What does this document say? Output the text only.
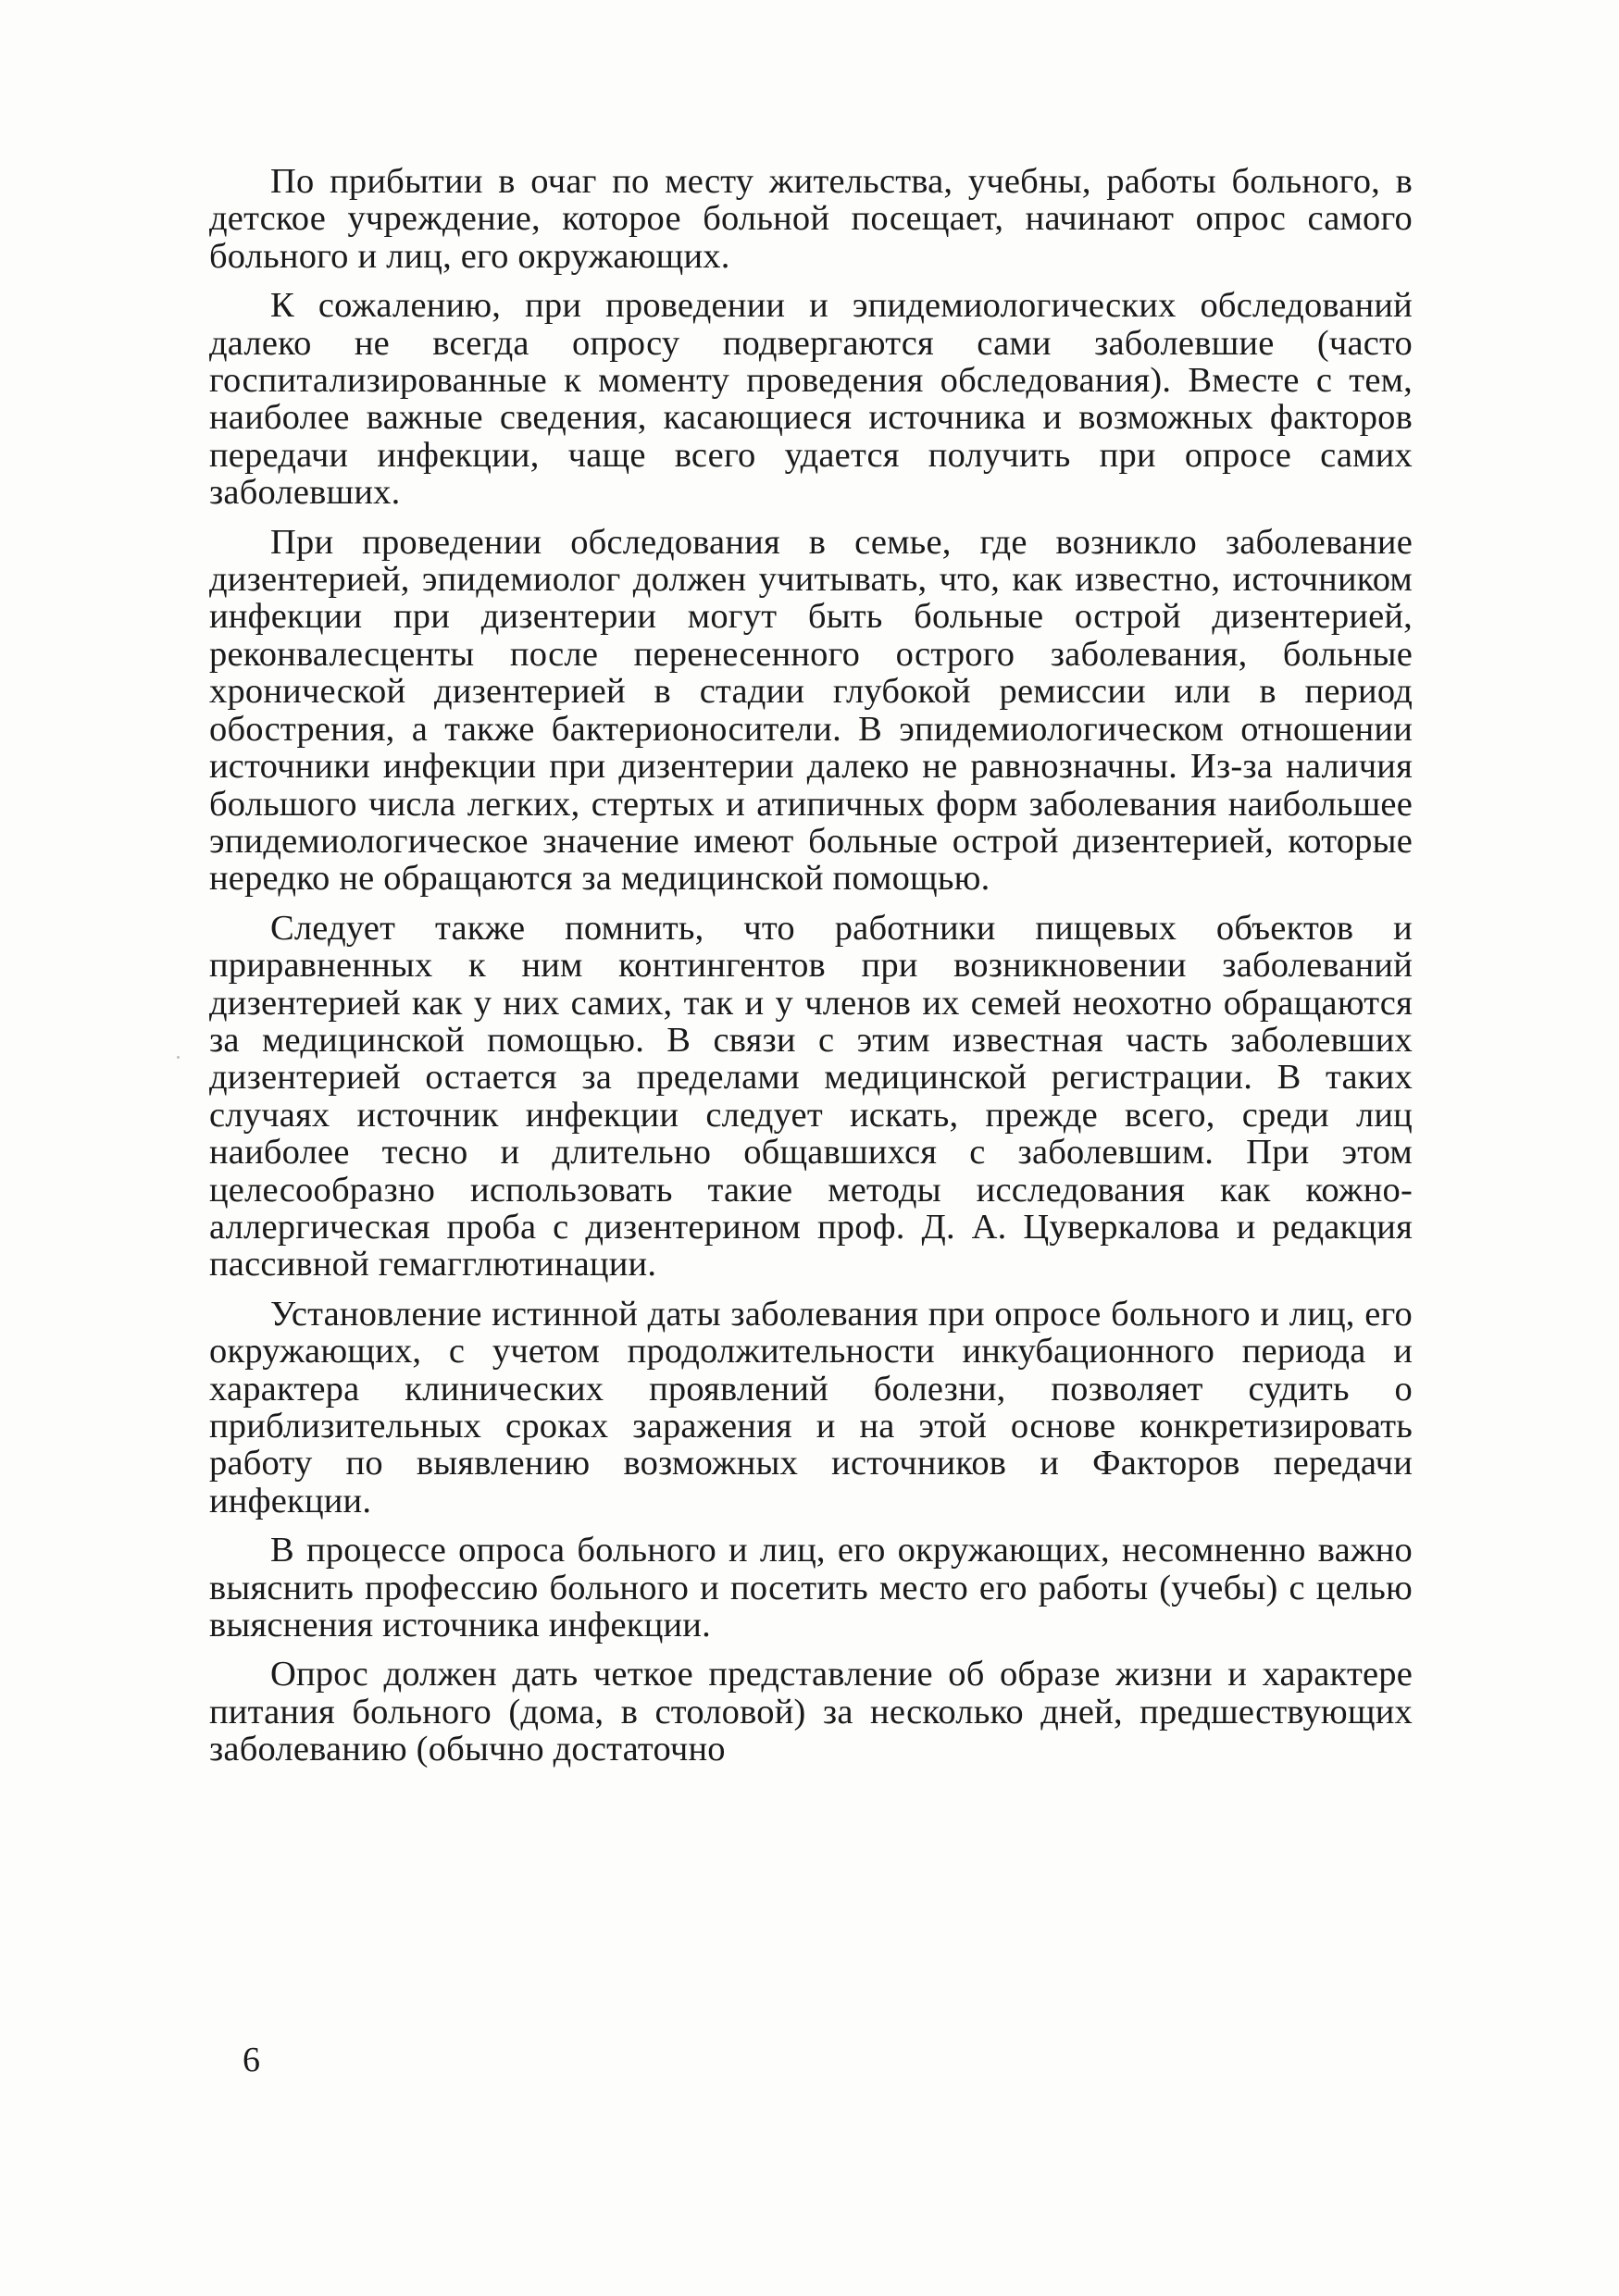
По прибытии в очаг по месту жительства, учебны, работы больного, в детское учреждение, которое больной посещает, начинают опрос самого больного и лиц, его окружающих.

К сожалению, при проведении и эпидемиологических обследований далеко не всегда опросу подвергаются сами заболевшие (часто госпитализированные к моменту проведения обследования). Вместе с тем, наиболее важные сведения, касающиеся источника и возможных факторов передачи инфекции, чаще всего удается получить при опросе самих заболевших.

При проведении обследования в семье, где возникло заболевание дизентерией, эпидемиолог должен учитывать, что, как известно, источником инфекции при дизентерии могут быть больные острой дизентерией, реконвалесценты после перенесенного острого заболевания, больные хронической дизентерией в стадии глубокой ремиссии или в период обострения, а также бактерионосители. В эпидемиологическом отношении источники инфекции при дизентерии далеко не равнозначны. Из-за наличия большого числа легких, стертых и атипичных форм заболевания наибольшее эпидемиологическое значение имеют больные острой дизентерией, которые нередко не обращаются за медицинской помощью.

Следует также помнить, что работники пищевых объектов и приравненных к ним контингентов при возникновении заболеваний дизентерией как у них самих, так и у членов их семей неохотно обращаются за медицинской помощью. В связи с этим известная часть заболевших дизентерией остается за пределами медицинской регистрации. В таких случаях источник инфекции следует искать, прежде всего, среди лиц наиболее тесно и длительно общавшихся с заболевшим. При этом целесообразно использовать такие методы исследования как кожно-аллергическая проба с дизентерином проф. Д. А. Цуверкалова и редакция пассивной гемагглютинации.

Установление истинной даты заболевания при опросе больного и лиц, его окружающих, с учетом продолжительности инкубационного периода и характера клинических проявлений болезни, позволяет судить о приблизительных сроках заражения и на этой основе конкретизировать работу по выявлению возможных источников и Факторов передачи инфекции.

В процессе опроса больного и лиц, его окружающих, несомненно важно выяснить профессию больного и посетить место его работы (учебы) с целью выяснения источника инфекции.

Опрос должен дать четкое представление об образе жизни и характере питания больного (дома, в столовой) за несколько дней, предшествующих заболеванию (обычно достаточно

6
